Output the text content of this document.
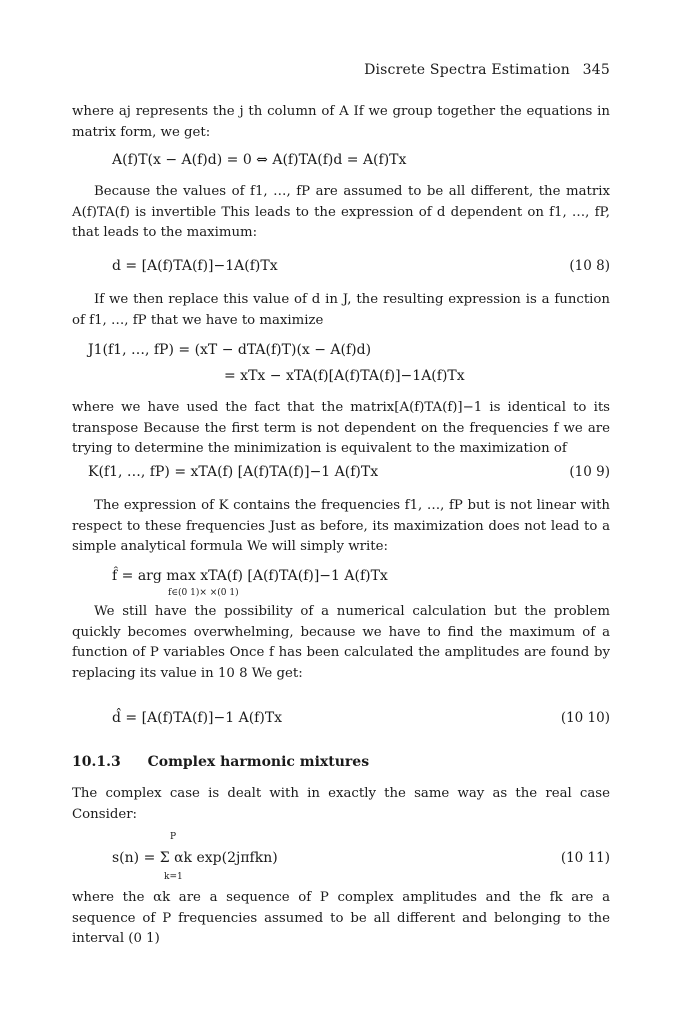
Discrete Spectra Estimation 345
where aj represents the j th column of A If we group together the equations in matrix form, we get:
A(f)T(x − A(f)d) = 0 ⇔ A(f)TA(f)d = A(f)Tx
Because the values of f1, …, fP are assumed to be all different, the matrix A(f)TA(f) is invertible This leads to the expression of d dependent on f1, …, fP, that leads to the maximum:
d = [A(f)TA(f)]−1A(f)Tx	(10 8)
If we then replace this value of d in J, the resulting expression is a function of f1, …, fP that we have to maximize
J1(f1, …, fP) = (xT − dTA(f)T)(x − A(f)d)
= xTx − xTA(f)[A(f)TA(f)]−1A(f)Tx
where we have used the fact that the matrix[A(f)TA(f)]−1 is identical to its transpose Because the first term is not dependent on the frequencies f we are trying to determine the minimization is equivalent to the maximization of
K(f1, …, fP) = xTA(f) [A(f)TA(f)]−1 A(f)Tx	(10 9)
The expression of K contains the frequencies f1, …, fP but is not linear with respect to these frequencies Just as before, its maximization does not lead to a simple analytical formula We will simply write:
f̂ = arg max xTA(f) [A(f)TA(f)]−1 A(f)Tx
f∈(0 1)× ×(0 1)
We still have the possibility of a numerical calculation but the problem quickly becomes overwhelming, because we have to find the maximum of a function of P variables Once f has been calculated the amplitudes are found by replacing its value in 10 8 We get:
d̂ = [A(f)TA(f)]−1 A(f)Tx	(10 10)
10.1.3 Complex harmonic mixtures
The complex case is dealt with in exactly the same way as the real case Consider:
P
s(n) = Σ αk exp(2jπfkn)
k=1
(10 11)
where the αk are a sequence of P complex amplitudes and the fk are a sequence of P frequencies assumed to be all different and belonging to the interval (0 1)
